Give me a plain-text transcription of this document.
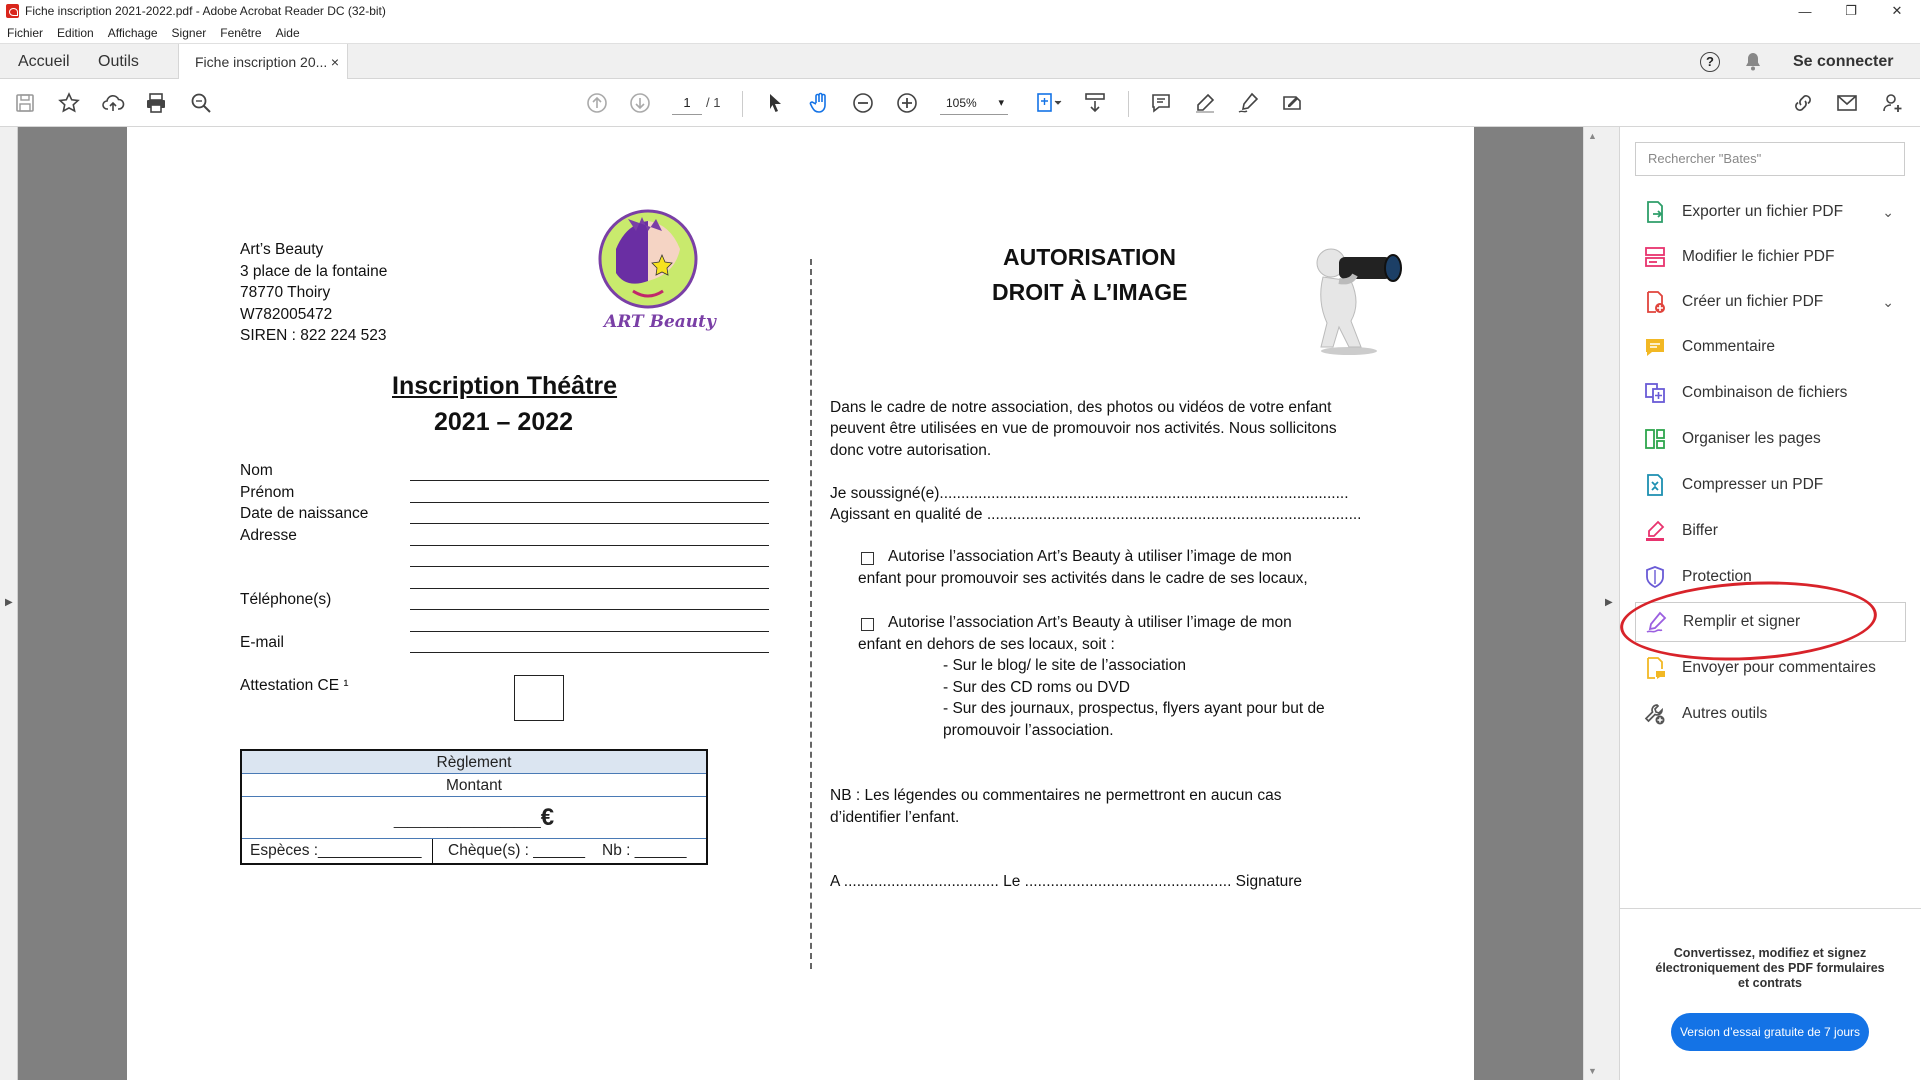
Fiche inscription 2021-2022.pdf - Adobe Acrobat Reader DC (32-bit)	—	❐	✕
Fichier Edition Affichage Signer Fenêtre Aide
Accueil Outils	Fiche inscription 20... ×	?	Se connecter
1	/ 1	105% ▾
▶
Art’s Beauty
3 place de la fontaine
78770 Thoiry
W782005472
SIREN : 822 224 523
ART Beauty
Inscription Théâtre
2021 – 2022
Nom
Prénom
Date de naissance
Adresse
Téléphone(s)
E-mail
Attestation CE ¹
AUTORISATION
DROIT À L’IMAGE
Dans le cadre de notre association, des photos ou vidéos de votre enfant
peuvent être utilisées en vue de promouvoir nos activités. Nous sollicitons
donc votre autorisation.
Je soussigné(e)...............................................................................................
Agissant en qualité de .......................................................................................
Autorise l’association Art’s Beauty à utiliser l’image de mon
enfant pour promouvoir ses activités dans le cadre de ses locaux,
Autorise l’association Art’s Beauty à utiliser l’image de mon
enfant en dehors de ses locaux, soit :
- Sur le blog/ le site de l’association
- Sur des CD roms ou DVD
- Sur des journaux, prospectus, flyers ayant pour but de
promouvoir l’association.
NB : Les légendes ou commentaires ne permettront en aucun cas
d’identifier l’enfant.
A .................................... Le ................................................ Signature
Règlement
Montant
___________€
Espèces :____________	Chèque(s) : ______ Nb : ______
▲
▼
▶
Rechercher "Bates"
Exporter un fichier PDF	⌄
Modifier le fichier PDF
Créer un fichier PDF	⌄
Commentaire
Combinaison de fichiers
Organiser les pages
Compresser un PDF
Biffer
Protection
Remplir et signer
Envoyer pour commentaires
Autres outils
Convertissez, modifiez et signez électroniquement des PDF formulaires et contrats
Version d’essai gratuite de 7 jours
